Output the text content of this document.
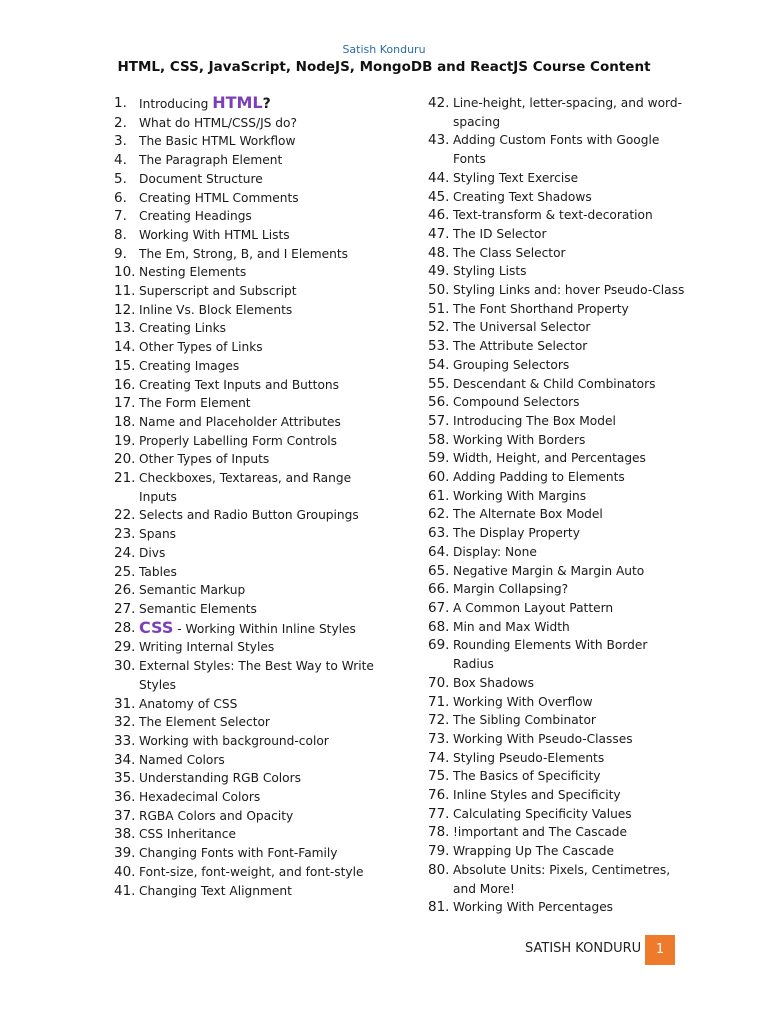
Satish Konduru
HTML, CSS, JavaScript, NodeJS, MongoDB and ReactJS Course Content
1. Introducing HTML?
2. What do HTML/CSS/JS do?
3. The Basic HTML Workflow
4. The Paragraph Element
5. Document Structure
6. Creating HTML Comments
7. Creating Headings
8. Working With HTML Lists
9. The Em, Strong, B, and I Elements
10. Nesting Elements
11. Superscript and Subscript
12. Inline Vs. Block Elements
13. Creating Links
14. Other Types of Links
15. Creating Images
16. Creating Text Inputs and Buttons
17. The Form Element
18. Name and Placeholder Attributes
19. Properly Labelling Form Controls
20. Other Types of Inputs
21. Checkboxes, Textareas, and Range Inputs
22. Selects and Radio Button Groupings
23. Spans
24. Divs
25. Tables
26. Semantic Markup
27. Semantic Elements
28. CSS - Working Within Inline Styles
29. Writing Internal Styles
30. External Styles: The Best Way to Write Styles
31. Anatomy of CSS
32. The Element Selector
33. Working with background-color
34. Named Colors
35. Understanding RGB Colors
36. Hexadecimal Colors
37. RGBA Colors and Opacity
38. CSS Inheritance
39. Changing Fonts with Font-Family
40. Font-size, font-weight, and font-style
41. Changing Text Alignment
42. Line-height, letter-spacing, and word-spacing
43. Adding Custom Fonts with Google Fonts
44. Styling Text Exercise
45. Creating Text Shadows
46. Text-transform & text-decoration
47. The ID Selector
48. The Class Selector
49. Styling Lists
50. Styling Links and: hover Pseudo-Class
51. The Font Shorthand Property
52. The Universal Selector
53. The Attribute Selector
54. Grouping Selectors
55. Descendant & Child Combinators
56. Compound Selectors
57. Introducing The Box Model
58. Working With Borders
59. Width, Height, and Percentages
60. Adding Padding to Elements
61. Working With Margins
62. The Alternate Box Model
63. The Display Property
64. Display: None
65. Negative Margin & Margin Auto
66. Margin Collapsing?
67. A Common Layout Pattern
68. Min and Max Width
69. Rounding Elements With Border Radius
70. Box Shadows
71. Working With Overflow
72. The Sibling Combinator
73. Working With Pseudo-Classes
74. Styling Pseudo-Elements
75. The Basics of Specificity
76. Inline Styles and Specificity
77. Calculating Specificity Values
78. !important and The Cascade
79. Wrapping Up The Cascade
80. Absolute Units: Pixels, Centimetres, and More!
81. Working With Percentages
SATISH KONDURU	1
